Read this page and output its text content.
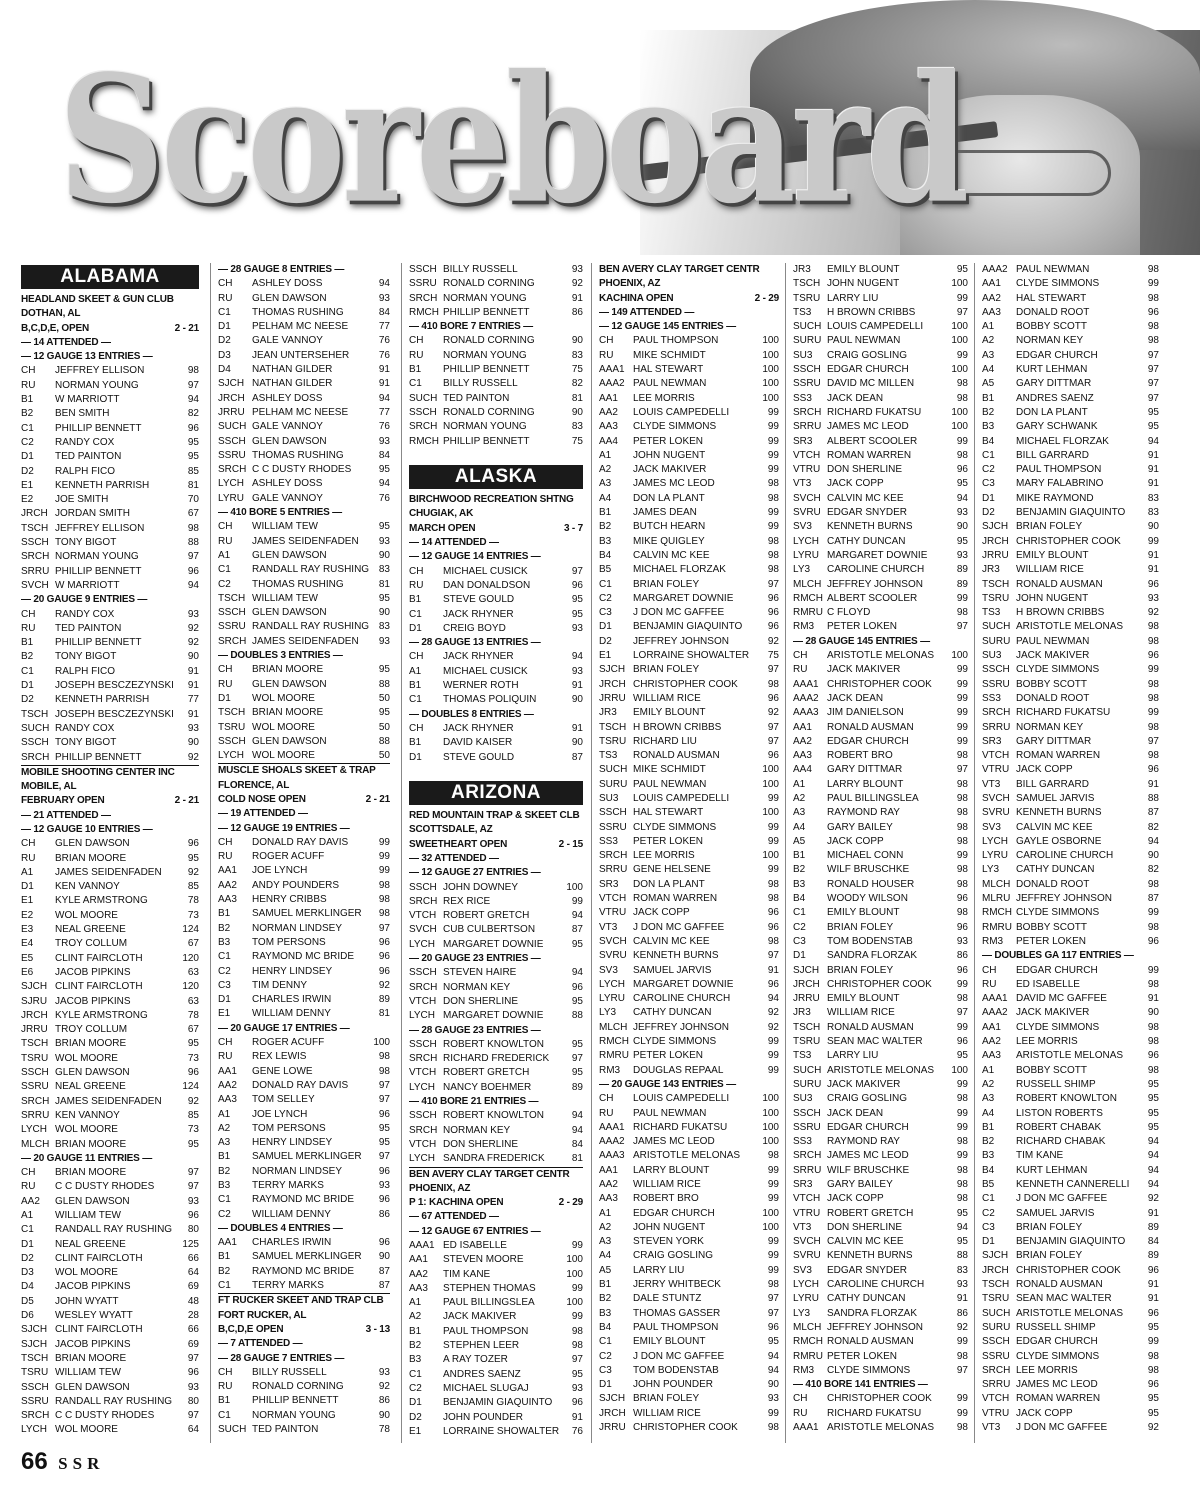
Scoreboard
ALABAMA
HEADLAND SKEET & GUN CLUB
DOTHAN, AL
B,C,D,E, OPEN	2 - 21
— 14 ATTENDED —
— 12 GAUGE 13 ENTRIES —
CH JEFFREY ELLISON	98
RU NORMAN YOUNG	97
B1 W MARRIOTT	94
B2 BEN SMITH	82
C1 PHILLIP BENNETT	96
C2 RANDY COX	95
D1 TED PAINTON	95
D2 RALPH FICO	85
E1 KENNETH PARRISH	81
E2 JOE SMITH	70
JRCH JORDAN SMITH	67
TSCH JEFFREY ELLISON	98
SSCH TONY BIGOT	88
SRCH NORMAN YOUNG	97
SRRU PHILLIP BENNETT	96
SVCH W MARRIOTT	94
— 20 GAUGE 9 ENTRIES —
CH RANDY COX	93
RU TED PAINTON	92
B1 PHILLIP BENNETT	92
B2 TONY BIGOT	90
C1 RALPH FICO	91
D1 JOSEPH BESCZEZYNSKI 91
D2 KENNETH PARRISH	77
TSCH JOSEPH BESCZEZYNSKI 91
SUCH RANDY COX	93
SSCH TONY BIGOT	90
SRCH PHILLIP BENNETT	92
MOBILE SHOOTING CENTER INC
MOBILE, AL
FEBRUARY OPEN	2 - 21
— 21 ATTENDED —
— 12 GAUGE 10 ENTRIES —
CH GLEN DAWSON	96
RU BRIAN MOORE	95
A1 JAMES SEIDENFADEN	92
D1 KEN VANNOY	85
E1 KYLE ARMSTRONG	78
E2 WOL MOORE	73
E3 NEAL GREENE	124
E4 TROY COLLUM	67
E5 CLINT FAIRCLOTH	120
E6 JACOB PIPKINS	63
SJCH CLINT FAIRCLOTH	120
SJRU JACOB PIPKINS	63
JRCH KYLE ARMSTRONG	78
JRRU TROY COLLUM	67
TSCH BRIAN MOORE	95
TSRU WOL MOORE	73
SSCH GLEN DAWSON	96
SSRU NEAL GREENE	124
SRCH JAMES SEIDENFADEN	92
SRRU KEN VANNOY	85
LYCH WOL MOORE	73
MLCH BRIAN MOORE	95
— 20 GAUGE 11 ENTRIES —
CH BRIAN MOORE	97
RU C C DUSTY RHODES	97
AA2 GLEN DAWSON	93
A1 WILLIAM TEW	96
C1 RANDALL RAY RUSHING 80
D1 NEAL GREENE	125
D2 CLINT FAIRCLOTH	66
D3 WOL MOORE	64
D4 JACOB PIPKINS	69
D5 JOHN WYATT	48
D6 WESLEY WYATT	28
SJCH CLINT FAIRCLOTH	66
SJCH JACOB PIPKINS	69
TSCH BRIAN MOORE	97
TSRU WILLIAM TEW	96
SSCH GLEN DAWSON	93
SSRU RANDALL RAY RUSHING 80
SRCH C C DUSTY RHODES	97
LYCH WOL MOORE	64
— 28 GAUGE 8 ENTRIES —
CH ASHLEY DOSS	94
RU GLEN DAWSON	93
C1 THOMAS RUSHING	84
D1 PELHAM MC NEESE	77
D2 GALE VANNOY	76
D3 JEAN UNTERSEHER	76
D4 NATHAN GILDER	91
SJCH NATHAN GILDER	91
JRCH ASHLEY DOSS	94
JRRU PELHAM MC NEESE	77
SUCH GALE VANNOY	76
SSCH GLEN DAWSON	93
SSRU THOMAS RUSHING	84
SRCH C C DUSTY RHODES	95
LYCH ASHLEY DOSS	94
LYRU GALE VANNOY	76
— 410 BORE 5 ENTRIES —
CH WILLIAM TEW	95
RU JAMES SEIDENFADEN 93
A1 GLEN DAWSON	90
C1 RANDALL RAY RUSHING 83
C2 THOMAS RUSHING	81
TSCH WILLIAM TEW	95
SSCH GLEN DAWSON	90
SSRU RANDALL RAY RUSHING 83
SRCH JAMES SEIDENFADEN 93
— DOUBLES 3 ENTRIES —
CH BRIAN MOORE	95
RU GLEN DAWSON	88
D1 WOL MOORE	50
TSCH BRIAN MOORE	95
TSRU WOL MOORE	50
SSCH GLEN DAWSON	88
LYCH WOL MOORE	50
MUSCLE SHOALS SKEET & TRAP
FLORENCE, AL
COLD NOSE OPEN	2 - 21
— 19 ATTENDED —
— 12 GAUGE 19 ENTRIES —
CH DONALD RAY DAVIS	99
RU ROGER ACUFF	99
AA1 JOE LYNCH	99
AA2 ANDY POUNDERS	98
AA3 HENRY CRIBBS	98
B1 SAMUEL MERKLINGER 98
B2 NORMAN LINDSEY	97
B3 TOM PERSONS	96
C1 RAYMOND MC BRIDE 96
C2 HENRY LINDSEY	96
C3 TIM DENNY	92
D1 CHARLES IRWIN	89
E1 WILLIAM DENNY	81
— 20 GAUGE 17 ENTRIES —
CH ROGER ACUFF	100
RU REX LEWIS	98
AA1 GENE LOWE	98
AA2 DONALD RAY DAVIS	97
AA3 TOM SELLEY	97
A1 JOE LYNCH	96
A2 TOM PERSONS	95
A3 HENRY LINDSEY	95
B1 SAMUEL MERKLINGER 97
B2 NORMAN LINDSEY	96
B3 TERRY MARKS	93
C1 RAYMOND MC BRIDE 96
C2 WILLIAM DENNY	86
— DOUBLES 4 ENTRIES —
AA1 CHARLES IRWIN	96
B1 SAMUEL MERKLINGER 90
B2 RAYMOND MC BRIDE 87
C1 TERRY MARKS	87
FT RUCKER SKEET AND TRAP CLB
FORT RUCKER, AL
B,C,D,E OPEN	3 - 13
— 7 ATTENDED —
— 28 GAUGE 7 ENTRIES —
CH BILLY RUSSELL	93
RU RONALD CORNING	92
B1 PHILLIP BENNETT	86
C1 NORMAN YOUNG	90
SUCH TED PAINTON	78
SSCH BILLY RUSSELL	93
SSRU RONALD CORNING	92
SRCH NORMAN YOUNG	91
RMCH PHILLIP BENNETT	86
— 410 BORE 7 ENTRIES —
CH RONALD CORNING	90
RU NORMAN YOUNG	83
B1 PHILLIP BENNETT	75
C1 BILLY RUSSELL	82
SUCH TED PAINTON	81
SSCH RONALD CORNING	90
SRCH NORMAN YOUNG	83
RMCH PHILLIP BENNETT	75
ALASKA
BIRCHWOOD RECREATION SHTNG
CHUGIAK, AK
MARCH OPEN	3 - 7
— 14 ATTENDED —
— 12 GAUGE 14 ENTRIES —
CH MICHAEL CUSICK	97
RU DAN DONALDSON	96
B1 STEVE GOULD	95
C1 JACK RHYNER	95
D1 CREIG BOYD	93
— 28 GAUGE 13 ENTRIES —
CH JACK RHYNER	94
A1 MICHAEL CUSICK	93
B1 WERNER ROTH	91
C1 THOMAS POLIQUIN	90
— DOUBLES 8 ENTRIES —
CH JACK RHYNER	91
B1 DAVID KAISER	90
D1 STEVE GOULD	87
ARIZONA
RED MOUNTAIN TRAP & SKEET CLB
SCOTTSDALE, AZ
SWEETHEART OPEN	2 - 15
— 32 ATTENDED —
— 12 GAUGE 27 ENTRIES —
SSCH JOHN DOWNEY	100
SRCH REX RICE	99
VTCH ROBERT GRETCH	94
SVCH CUB CULBERTSON	87
LYCH MARGARET DOWNIE	95
— 20 GAUGE 23 ENTRIES —
SSCH STEVEN HAIRE	94
SRCH NORMAN KEY	96
VTCH DON SHERLINE	95
LYCH MARGARET DOWNIE	88
— 28 GAUGE 23 ENTRIES —
SSCH ROBERT KNOWLTON	95
SRCH RICHARD FREDERICK 97
VTCH ROBERT GRETCH	95
LYCH NANCY BOEHMER	89
— 410 BORE 21 ENTRIES —
SSCH ROBERT KNOWLTON	94
SRCH NORMAN KEY	94
VTCH DON SHERLINE	84
LYCH SANDRA FREDERICK	81
BEN AVERY CLAY TARGET CENTR
PHOENIX, AZ
P 1: KACHINA OPEN	2 - 29
— 67 ATTENDED —
— 12 GAUGE 67 ENTRIES —
AAA1 ED ISABELLE	99
AA1 STEVEN MOORE	100
AA2 TIM KANE	100
AA3 STEPHEN THOMAS	99
A1 PAUL BILLINGSLEA	100
A2 JACK MAKIVER	99
B1 PAUL THOMPSON	98
B2 STEPHEN LEER	98
B3 A RAY TOZER	97
C1 ANDRES SAENZ	95
C2 MICHAEL SLUGAJ	93
D1 BENJAMIN GIAQUINTO 96
D2 JOHN POUNDER	91
E1 LORRAINE SHOWALTER 76
BEN AVERY CLAY TARGET CENTR
PHOENIX, AZ
KACHINA OPEN	2 - 29
— 149 ATTENDED —
— 12 GAUGE 145 ENTRIES —
CH PAUL THOMPSON	100
RU MIKE SCHMIDT	100
AAA1 HAL STEWART	100
AAA2 PAUL NEWMAN	100
AA1 LEE MORRIS	100
AA2 LOUIS CAMPEDELLI	99
AA3 CLYDE SIMMONS	99
AA4 PETER LOKEN	99
A1 JOHN NUGENT	99
A2 JACK MAKIVER	99
A3 JAMES MC LEOD	98
A4 DON LA PLANT	98
B1 JAMES DEAN	99
B2 BUTCH HEARN	99
B3 MIKE QUIGLEY	98
B4 CALVIN MC KEE	98
B5 MICHAEL FLORZAK	98
C1 BRIAN FOLEY	97
C2 MARGARET DOWNIE	96
C3 J DON MC GAFFEE	96
D1 BENJAMIN GIAQUINTO	96
D2 JEFFREY JOHNSON	92
E1 LORRAINE SHOWALTER 75
SJCH BRIAN FOLEY	97
JRCH CHRISTOPHER COOK	98
JRRU WILLIAM RICE	96
JR3 EMILY BLOUNT	92
TSCH H BROWN CRIBBS	97
TSRU RICHARD LIU	97
TS3 RONALD AUSMAN	96
SUCH MIKE SCHMIDT	100
SURU PAUL NEWMAN	100
SU3 LOUIS CAMPEDELLI	99
SSCH HAL STEWART	100
SSRU CLYDE SIMMONS	99
SS3 PETER LOKEN	99
SRCH LEE MORRIS	100
SRRU GENE HELSENE	99
SR3 DON LA PLANT	98
VTCH ROMAN WARREN	98
VTRU JACK COPP	96
VT3 J DON MC GAFFEE	96
SVCH CALVIN MC KEE	98
SVRU KENNETH BURNS	97
SV3 SAMUEL JARVIS	91
LYCH MARGARET DOWNIE	96
LYRU CAROLINE CHURCH	94
LY3 CATHY DUNCAN	92
MLCH JEFFREY JOHNSON	92
RMCH CLYDE SIMMONS	99
RMRU PETER LOKEN	99
RM3 DOUGLAS REPAAL	99
— 20 GAUGE 143 ENTRIES —
CH LOUIS CAMPEDELLI	100
RU PAUL NEWMAN	100
AAA1 RICHARD FUKATSU	100
AAA2 JAMES MC LEOD	100
AAA3 ARISTOTLE MELONAS	98
AA1 LARRY BLOUNT	99
AA2 WILLIAM RICE	99
AA3 ROBERT BRO	99
A1 EDGAR CHURCH	100
A2 JOHN NUGENT	100
A3 STEVEN YORK	99
A4 CRAIG GOSLING	99
A5 LARRY LIU	99
B1 JERRY WHITBECK	98
B2 DALE STUNTZ	97
B3 THOMAS GASSER	97
B4 PAUL THOMPSON	96
C1 EMILY BLOUNT	95
C2 J DON MC GAFFEE	94
C3 TOM BODENSTAB	94
D1 JOHN POUNDER	90
SJCH BRIAN FOLEY	93
JRCH WILLIAM RICE	99
JRRU CHRISTOPHER COOK	98
JR3 EMILY BLOUNT	95
TSCH JOHN NUGENT	100
TSRU LARRY LIU	99
TS3 H BROWN CRIBBS	97
SUCH LOUIS CAMPEDELLI	100
SURU PAUL NEWMAN	100
SU3 CRAIG GOSLING	99
SSCH EDGAR CHURCH	100
SSRU DAVID MC MILLEN	98
SS3 JACK DEAN	98
SRCH RICHARD FUKATSU	100
SRRU JAMES MC LEOD	100
SR3 ALBERT SCOOLER	99
VTCH ROMAN WARREN	98
VTRU DON SHERLINE	96
VT3 JACK COPP	95
SVCH CALVIN MC KEE	94
SVRU EDGAR SNYDER	93
SV3 KENNETH BURNS	90
LYCH CATHY DUNCAN	95
LYRU MARGARET DOWNIE	93
LY3 CAROLINE CHURCH	89
MLCH JEFFREY JOHNSON	89
RMCH ALBERT SCOOLER	99
RMRU C FLOYD	98
RM3 PETER LOKEN	97
— 28 GAUGE 145 ENTRIES —
CH ARISTOTLE MELONAS 100
RU JACK MAKIVER	99
AAA1 CHRISTOPHER COOK	99
AAA2 JACK DEAN	99
AAA3 JIM DANIELSON	99
AA1 RONALD AUSMAN	99
AA2 EDGAR CHURCH	99
AA3 ROBERT BRO	98
AA4 GARY DITTMAR	97
A1 LARRY BLOUNT	98
A2 PAUL BILLINGSLEA	98
A3 RAYMOND RAY	98
A4 GARY BAILEY	98
A5 JACK COPP	98
B1 MICHAEL CONN	99
B2 WILF BRUSCHKE	98
B3 RONALD HOUSER	98
B4 WOODY WILSON	96
C1 EMILY BLOUNT	98
C2 BRIAN FOLEY	96
C3 TOM BODENSTAB	93
D1 SANDRA FLORZAK	86
SJCH BRIAN FOLEY	96
JRCH CHRISTOPHER COOK	99
JRRU EMILY BLOUNT	98
JR3 WILLIAM RICE	97
TSCH RONALD AUSMAN	99
TSRU SEAN MAC WALTER	96
TS3 LARRY LIU	95
SUCH ARISTOTLE MELONAS 100
SURU JACK MAKIVER	99
SU3 CRAIG GOSLING	98
SSCH JACK DEAN	99
SSRU EDGAR CHURCH	99
SS3 RAYMOND RAY	98
SRCH JAMES MC LEOD	99
SRRU WILF BRUSCHKE	98
SR3 GARY BAILEY	98
VTCH JACK COPP	98
VTRU ROBERT GRETCH	95
VT3 DON SHERLINE	94
SVCH CALVIN MC KEE	95
SVRU KENNETH BURNS	88
SV3 EDGAR SNYDER	83
LYCH CAROLINE CHURCH	93
LYRU CATHY DUNCAN	91
LY3 SANDRA FLORZAK	86
MLCH JEFFREY JOHNSON	92
RMCH RONALD AUSMAN	99
RMRU PETER LOKEN	98
RM3 CLYDE SIMMONS	97
— 410 BORE 141 ENTRIES —
CH CHRISTOPHER COOK	99
RU RICHARD FUKATSU	99
AAA1 ARISTOTLE MELONAS 98
AAA2 PAUL NEWMAN	98
AA1 CLYDE SIMMONS	99
AA2 HAL STEWART	98
AA3 DONALD ROOT	96
A1 BOBBY SCOTT	98
A2 NORMAN KEY	98
A3 EDGAR CHURCH	97
A4 KURT LEHMAN	97
A5 GARY DITTMAR	97
B1 ANDRES SAENZ	97
B2 DON LA PLANT	95
B3 GARY SCHWANK	95
B4 MICHAEL FLORZAK	94
C1 BILL GARRARD	91
C2 PAUL THOMPSON	91
C3 MARY FALABRINO	91
D1 MIKE RAYMOND	83
D2 BENJAMIN GIAQUINTO 83
SJCH BRIAN FOLEY	90
JRCH CHRISTOPHER COOK	99
JRRU EMILY BLOUNT	91
JR3 WILLIAM RICE	91
TSCH RONALD AUSMAN	96
TSRU JOHN NUGENT	93
TS3 H BROWN CRIBBS	92
SUCH ARISTOTLE MELONAS 98
SURU PAUL NEWMAN	98
SU3 JACK MAKIVER	96
SSCH CLYDE SIMMONS	99
SSRU BOBBY SCOTT	98
SS3 DONALD ROOT	98
SRCH RICHARD FUKATSU	99
SRRU NORMAN KEY	98
SR3 GARY DITTMAR	97
VTCH ROMAN WARREN	98
VTRU JACK COPP	96
VT3 BILL GARRARD	91
SVCH SAMUEL JARVIS	88
SVRU KENNETH BURNS	87
SV3 CALVIN MC KEE	82
LYCH GAYLE OSBORNE	94
LYRU CAROLINE CHURCH	90
LY3 CATHY DUNCAN	82
MLCH DONALD ROOT	98
MLRU JEFFREY JOHNSON	87
RMCH CLYDE SIMMONS	99
RMRU BOBBY SCOTT	98
RM3 PETER LOKEN	96
— DOUBLES GA 117 ENTRIES —
CH EDGAR CHURCH	99
RU ED ISABELLE	98
AAA1 DAVID MC GAFFEE	91
AAA2 JACK MAKIVER	90
AA1 CLYDE SIMMONS	98
AA2 LEE MORRIS	98
AA3 ARISTOTLE MELONAS 96
A1 BOBBY SCOTT	98
A2 RUSSELL SHIMP	95
A3 ROBERT KNOWLTON	95
A4 LISTON ROBERTS	95
B1 ROBERT CHABAK	95
B2 RICHARD CHABAK	94
B3 TIM KANE	94
B4 KURT LEHMAN	94
B5 KENNETH CANNERELLI 94
C1 J DON MC GAFFEE	92
C2 SAMUEL JARVIS	91
C3 BRIAN FOLEY	89
D1 BENJAMIN GIAQUINTO 84
SJCH BRIAN FOLEY	89
JRCH CHRISTOPHER COOK	96
TSCH RONALD AUSMAN	91
TSRU SEAN MAC WALTER	91
SUCH ARISTOTLE MELONAS 96
SURU RUSSELL SHIMP	95
SSCH EDGAR CHURCH	99
SSRU CLYDE SIMMONS	98
SRCH LEE MORRIS	98
SRRU JAMES MC LEOD	96
VTCH ROMAN WARREN	95
VTRU JACK COPP	95
VT3 J DON MC GAFFEE	92
66 SSR
